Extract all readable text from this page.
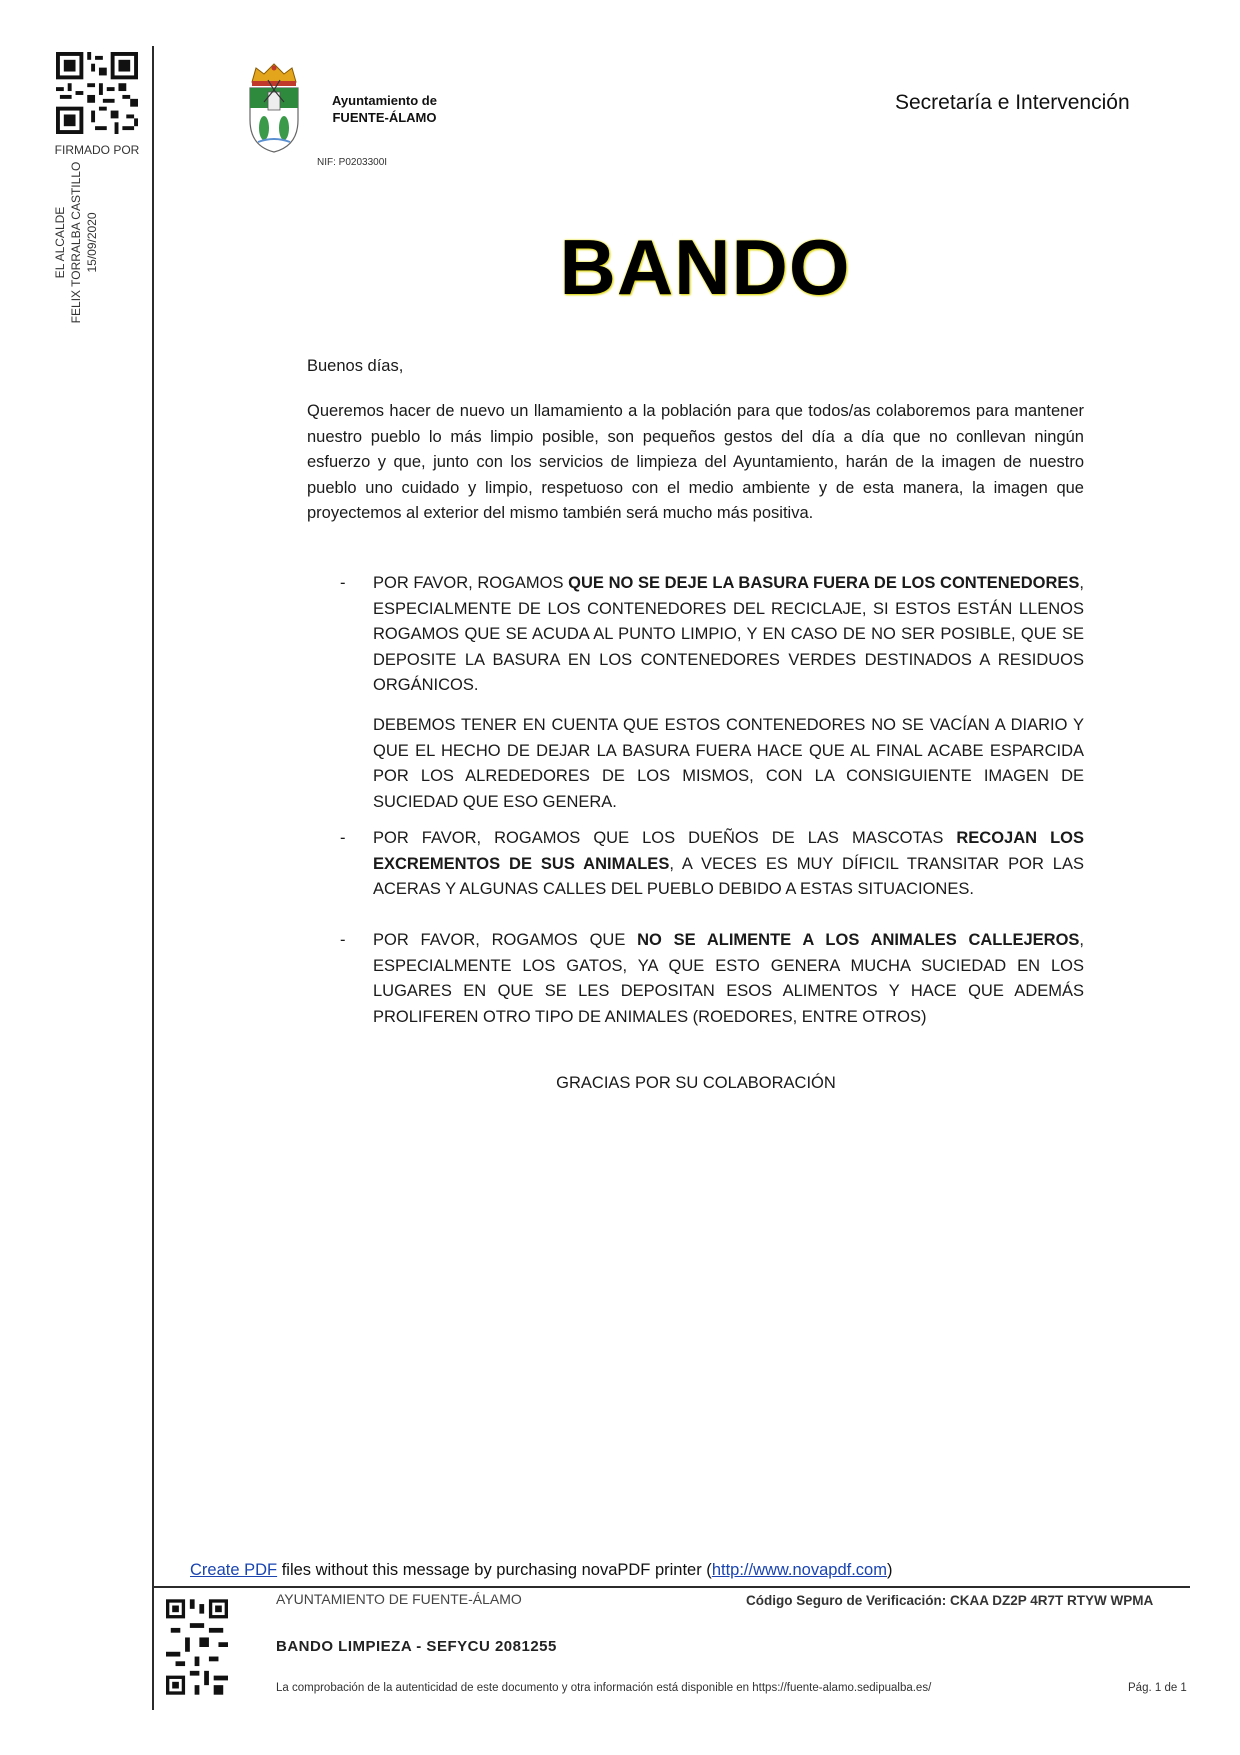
FIRMADO POR
EL ALCALDE FELIX TORRALBA CASTILLO 15/09/2020
Ayuntamiento de
FUENTE-ÁLAMO
NIF: P0203300I
Secretaría e Intervención
BANDO
Buenos días,
Queremos hacer de nuevo un llamamiento a la población para que todos/as colaboremos para mantener nuestro pueblo lo más limpio posible, son pequeños gestos del día a día que no conllevan ningún esfuerzo y que, junto con los servicios de limpieza del Ayuntamiento, harán de la imagen de nuestro pueblo uno cuidado y limpio, respetuoso con el medio ambiente y de esta manera, la imagen que proyectemos al exterior del mismo también será mucho más positiva.
- POR FAVOR, ROGAMOS QUE NO SE DEJE LA BASURA FUERA DE LOS CONTENEDORES, ESPECIALMENTE DE LOS CONTENEDORES DEL RECICLAJE, SI ESTOS ESTÁN LLENOS ROGAMOS QUE SE ACUDA AL PUNTO LIMPIO, Y EN CASO DE NO SER POSIBLE, QUE SE DEPOSITE LA BASURA EN LOS CONTENEDORES VERDES DESTINADOS A RESIDUOS ORGÁNICOS.
DEBEMOS TENER EN CUENTA QUE ESTOS CONTENEDORES NO SE VACÍAN A DIARIO Y QUE EL HECHO DE DEJAR LA BASURA FUERA HACE QUE AL FINAL ACABE ESPARCIDA POR LOS ALREDEDORES DE LOS MISMOS, CON LA CONSIGUIENTE IMAGEN DE SUCIEDAD QUE ESO GENERA.
- POR FAVOR, ROGAMOS QUE LOS DUEÑOS DE LAS MASCOTAS RECOJAN LOS EXCREMENTOS DE SUS ANIMALES, A VECES ES MUY DÍFICIL TRANSITAR POR LAS ACERAS Y ALGUNAS CALLES DEL PUEBLO DEBIDO A ESTAS SITUACIONES.
- POR FAVOR, ROGAMOS QUE NO SE ALIMENTE A LOS ANIMALES CALLEJEROS, ESPECIALMENTE LOS GATOS, YA QUE ESTO GENERA MUCHA SUCIEDAD EN LOS LUGARES EN QUE SE LES DEPOSITAN ESOS ALIMENTOS Y HACE QUE ADEMÁS PROLIFEREN OTRO TIPO DE ANIMALES (ROEDORES, ENTRE OTROS)
GRACIAS POR SU COLABORACIÓN
Create PDF files without this message by purchasing novaPDF printer (http://www.novapdf.com)
AYUNTAMIENTO DE FUENTE-ÁLAMO	Código Seguro de Verificación: CKAA DZ2P 4R7T RTYW WPMA
BANDO LIMPIEZA - SEFYCU 2081255
La comprobación de la autenticidad de este documento y otra información está disponible en https://fuente-alamo.sedipualba.es/	Pág. 1 de 1
